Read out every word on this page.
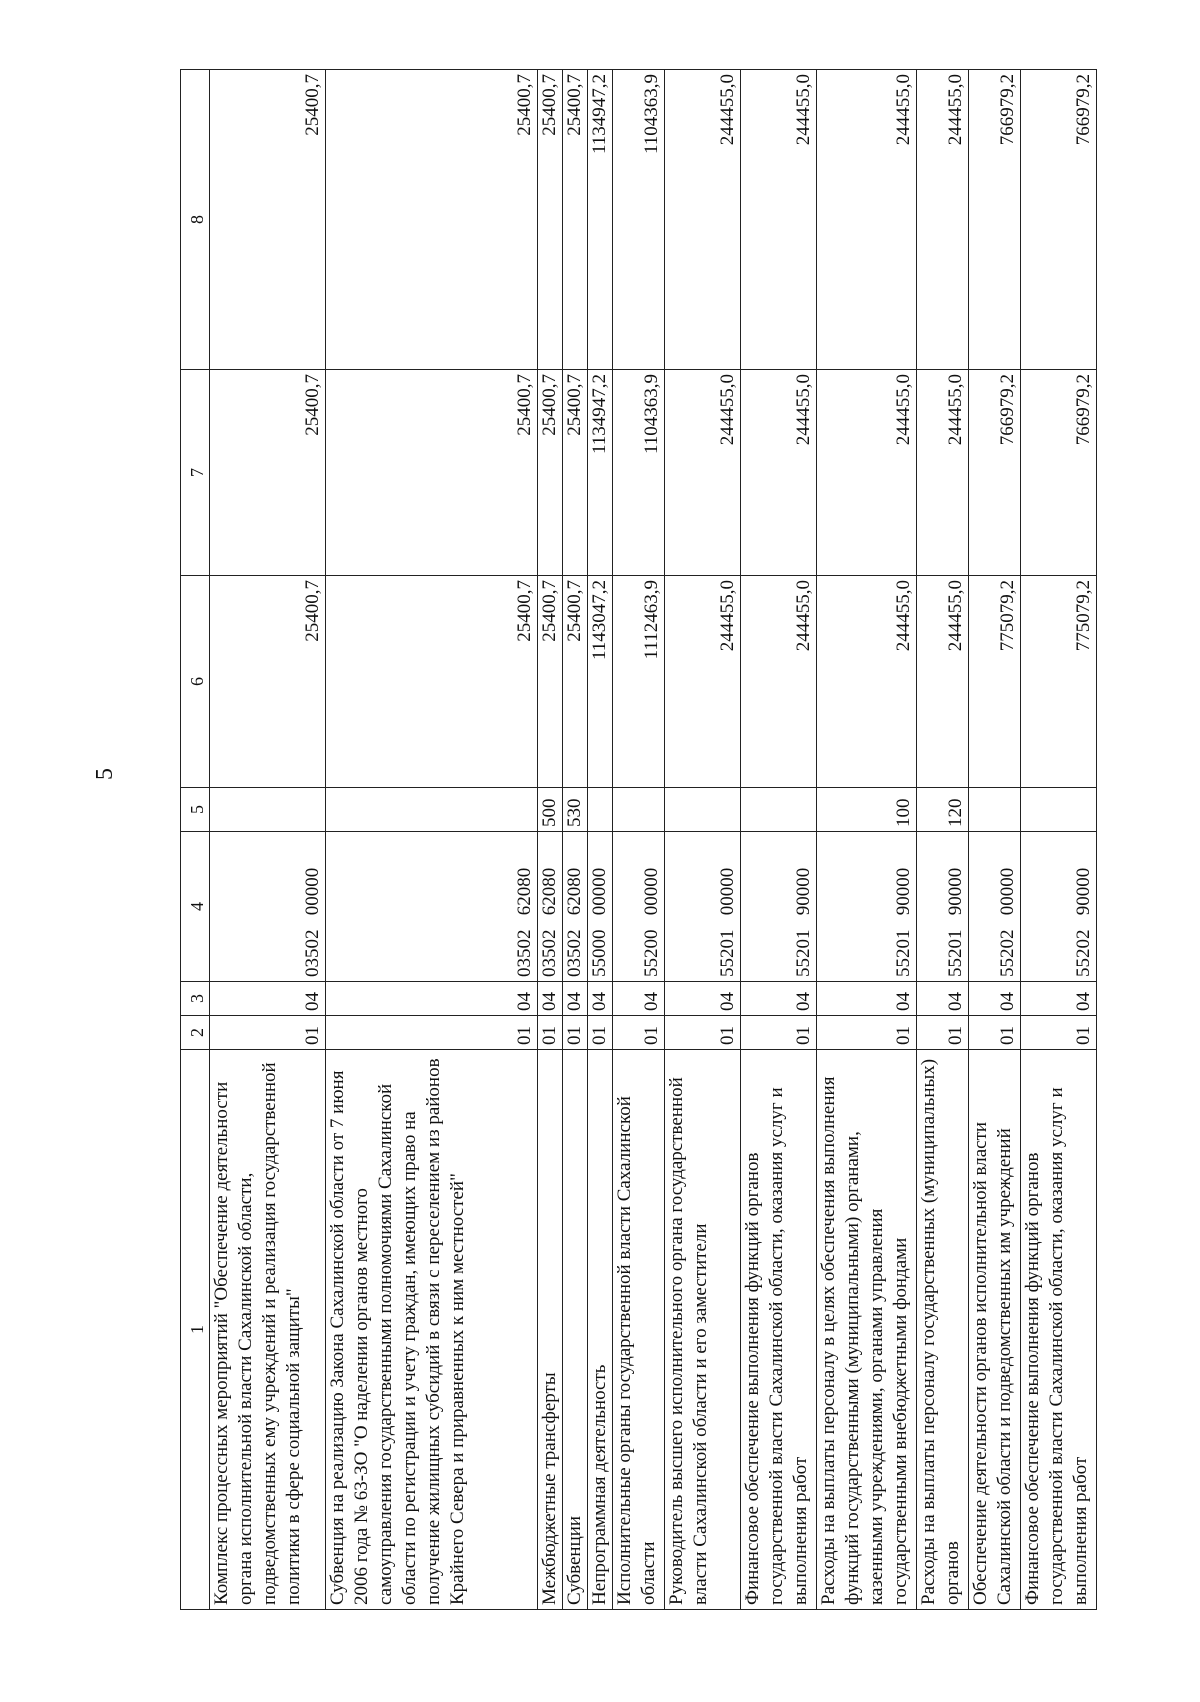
5
1	2	3	4	5	6	7	8
Комплекс процессных мероприятий "Обеспечение деятельности органа исполнительной власти Сахалинской области, подведомственных ему учреждений и реализация государственной политики в сфере социальной защиты"	01	04	03502   00000		25400,7	25400,7	25400,7
Субвенция на реализацию Закона Сахалинской области от 7 июня 2006 года № 63-ЗО "О наделении органов местного самоуправления государственными полномочиями Сахалинской области по регистрации и учету граждан, имеющих право на получение жилищных субсидий в связи с переселением из районов Крайнего Севера и приравненных к ним местностей"	01	04	03502   62080		25400,7	25400,7	25400,7
Межбюджетные трансферты	01	04	03502   62080	500	25400,7	25400,7	25400,7
Субвенции	01	04	03502   62080	530	25400,7	25400,7	25400,7
Непрограммная деятельность	01	04	55000   00000		1143047,2	1134947,2	1134947,2
Исполнительные органы государственной власти Сахалинской области	01	04	55200   00000		1112463,9	1104363,9	1104363,9
Руководитель высшего исполнительного органа государственной власти Сахалинской области и его заместители	01	04	55201   00000		244455,0	244455,0	244455,0
Финансовое обеспечение выполнения функций органов государственной власти Сахалинской области, оказания услуг и выполнения работ	01	04	55201   90000		244455,0	244455,0	244455,0
Расходы на выплаты персоналу в целях обеспечения выполнения функций государственными (муниципальными) органами, казенными учреждениями, органами управления государственными внебюджетными фондами	01	04	55201   90000	100	244455,0	244455,0	244455,0
Расходы на выплаты персоналу государственных (муниципальных) органов	01	04	55201   90000	120	244455,0	244455,0	244455,0
Обеспечение деятельности органов исполнительной власти Сахалинской области и подведомственных им учреждений	01	04	55202   00000		775079,2	766979,2	766979,2
Финансовое обеспечение выполнения функций органов государственной власти Сахалинской области, оказания услуг и выполнения работ	01	04	55202   90000		775079,2	766979,2	766979,2
